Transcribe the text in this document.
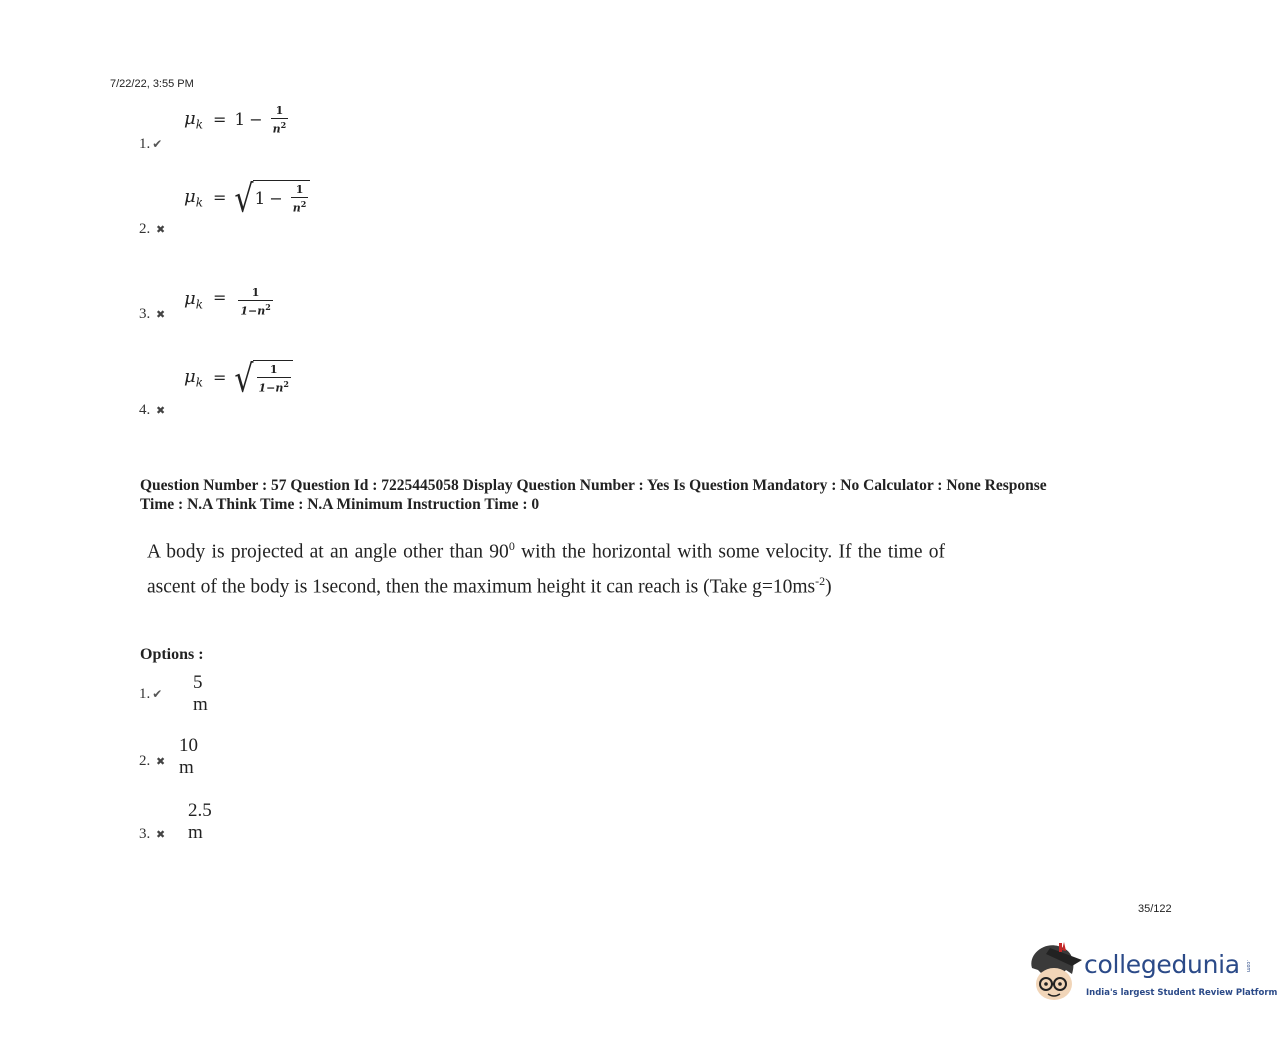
7/22/22, 3:55 PM
$\mu_k = 1 - \frac{1}{n^2}$
1. ✔
$\mu_k$ = √ $1 - \frac{1}{n^2}$
2. ✖
$\mu_k = \frac{1}{1-n^2}$
3. ✖
$\mu_k$ = √ $\frac{1}{1-n^2}$
4. ✖
Question Number : 57 Question Id : 7225445058 Display Question Number : Yes Is Question Mandatory : No Calculator : None Response
Time : N.A Think Time : N.A Minimum Instruction Time : 0
A body is projected at an angle other than $90^0$ with the horizontal with some velocity. If the time of ascent of the body is 1second, then the maximum height it can reach is (Take $g=10ms^{-2}$)
Options :
5 m
1. ✔
10 m
2. ✖
2.5 m
3. ✖
35/122
collegedunia .com
India's largest Student Review Platform
